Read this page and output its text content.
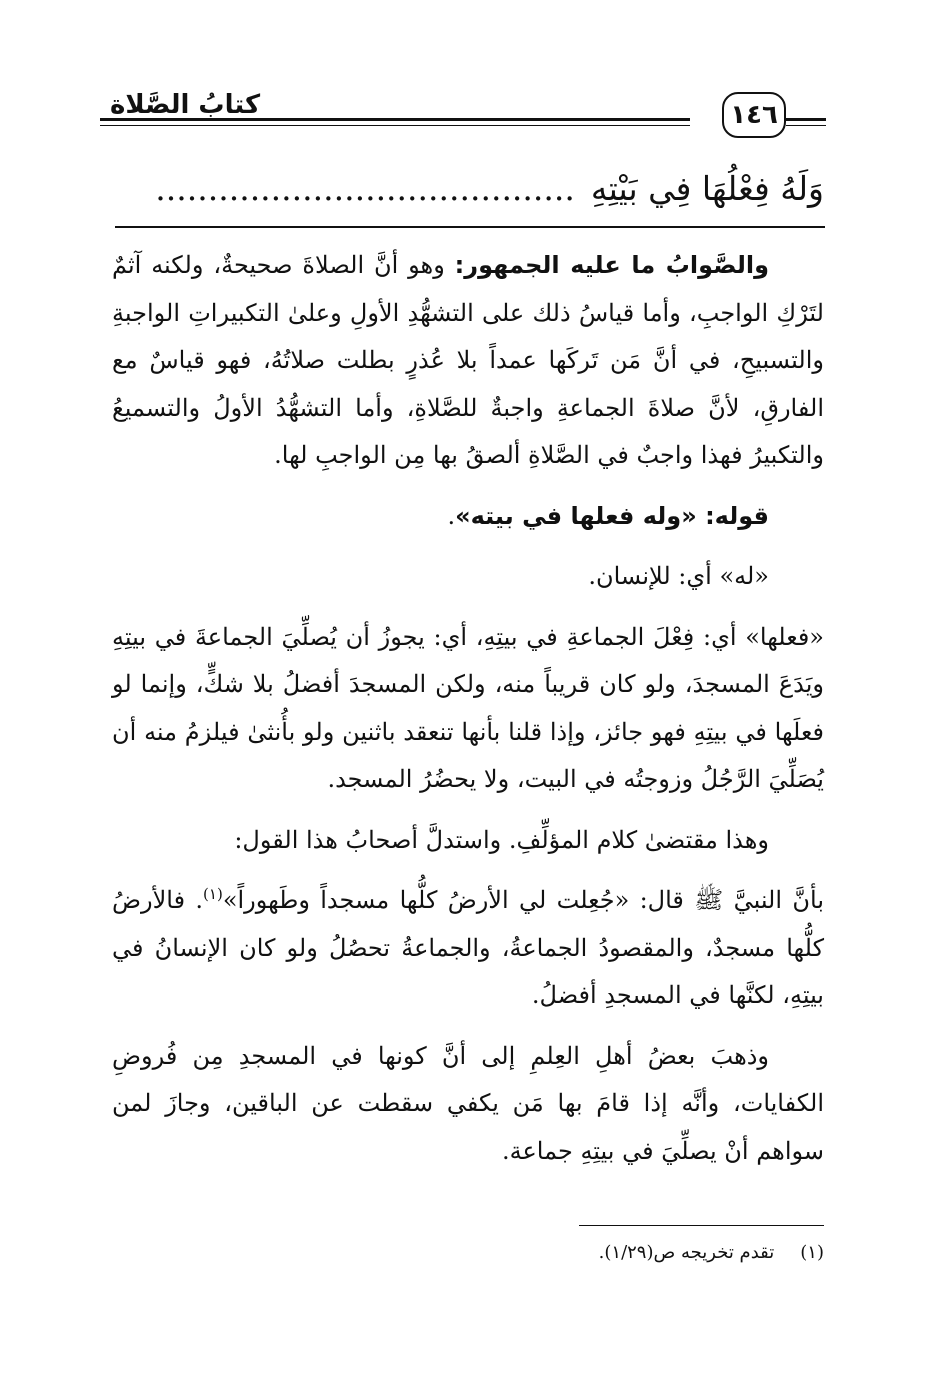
١٤٦
كتابُ الصَّلاة
وَلَهُ فِعْلُهَا فِي بَيْتِهِ........................................

والصَّوابُ ما عليه الجمهور: وهو أنَّ الصلاةَ صحيحةٌ، ولكنه آثمٌ لتَرْكِ الواجبِ، وأما قياسُ ذلك على التشهُّدِ الأولِ وعلىٰ التكبيراتِ الواجبةِ والتسبيحِ، في أنَّ مَن تَركَها عمداً بلا عُذرٍ بطلت صلاتُهُ، فهو قياسٌ مع الفارقِ، لأنَّ صلاةَ الجماعةِ واجبةٌ للصَّلاةِ، وأما التشهُّدُ الأولُ والتسميعُ والتكبيرُ فهذا واجبٌ في الصَّلاةِ ألصقُ بها مِن الواجبِ لها.

قوله: «وله فعلها في بيته».

«له» أي: للإنسان.

«فعلها» أي: فِعْلَ الجماعةِ في بيتِهِ، أي: يجوزُ أن يُصلِّيَ الجماعةَ في بيتِهِ ويَدَعَ المسجدَ، ولو كان قريباً منه، ولكن المسجدَ أفضلُ بلا شكٍّ، وإنما لو فعلَها في بيتِهِ فهو جائز، وإذا قلنا بأنها تنعقد باثنين ولو بأُنثىٰ فيلزمُ منه أن يُصَلِّيَ الرَّجُلُ وزوجتُه في البيت، ولا يحضُرُ المسجد.

وهذا مقتضىٰ كلام المؤلِّفِ. واستدلَّ أصحابُ هذا القول:

بأنَّ النبيَّ ﷺ قال: «جُعِلت لي الأرضُ كلُّها مسجداً وطَهوراً»$^{(١)}$. فالأرضُ كلُّها مسجدٌ، والمقصودُ الجماعةُ، والجماعةُ تحصُلُ ولو كان الإنسانُ في بيتِهِ، لكنَّها في المسجدِ أفضلُ.

وذهبَ بعضُ أهلِ العِلمِ إلى أنَّ كونها في المسجدِ مِن فُروضِ الكفايات، وأنَّه إذا قامَ بها مَن يكفي سقطت عن الباقين، وجازَ لمن سواهم أنْ يصلِّيَ في بيتِهِ جماعة.

(١)تقدم تخريجه ص(١/٢٩).
